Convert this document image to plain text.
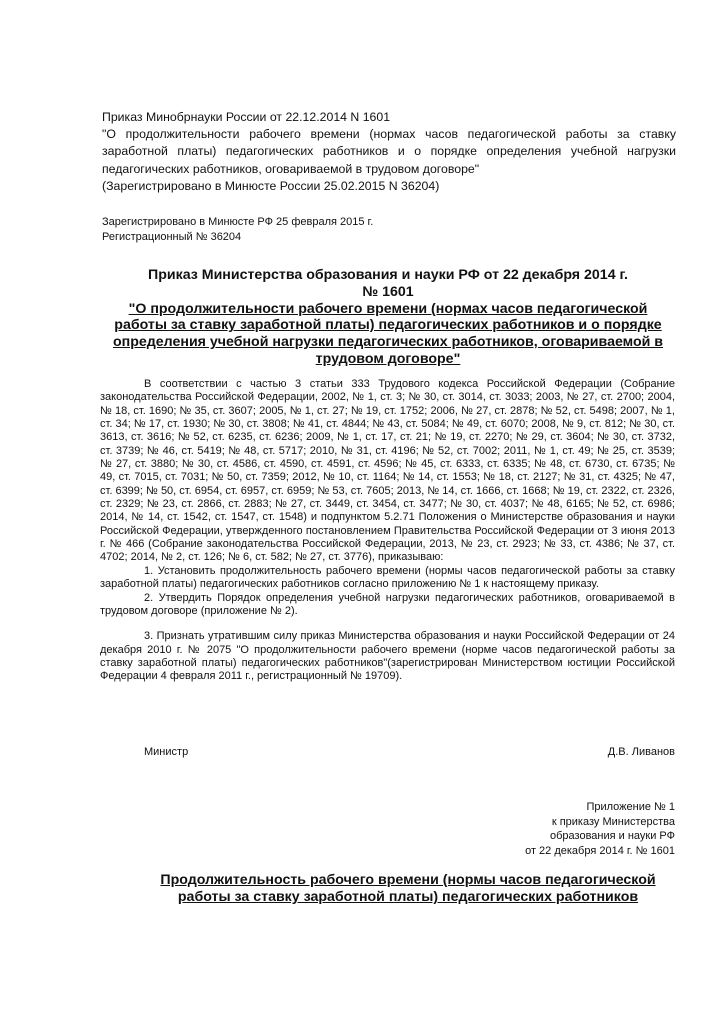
Приказ Минобрнауки России от 22.12.2014 N 1601

"О продолжительности рабочего времени (нормах часов педагогической работы за ставку заработной платы) педагогических работников и о порядке определения учебной нагрузки педагогических работников, оговариваемой в трудовом договоре"

(Зарегистрировано в Минюсте России 25.02.2015 N 36204)

Зарегистрировано в Минюсте РФ 25 февраля 2015 г.

Регистрационный № 36204

Приказ Министерства образования и науки РФ от 22 декабря 2014 г.

№ 1601

"О продолжительности рабочего времени (нормах часов педагогической работы за ставку заработной платы) педагогических работников и о порядке определения учебной нагрузки педагогических работников, оговариваемой в трудовом договоре"

В соответствии с частью 3 статьи 333 Трудового кодекса Российской Федерации (Собрание законодательства Российской Федерации, 2002, № 1, ст. 3; № 30, ст. 3014, ст. 3033; 2003, № 27, ст. 2700; 2004, № 18, ст. 1690; № 35, ст. 3607; 2005, № 1, ст. 27; № 19, ст. 1752; 2006, № 27, ст. 2878; № 52, ст. 5498; 2007, № 1, ст. 34; № 17, ст. 1930; № 30, ст. 3808; № 41, ст. 4844; № 43, ст. 5084; № 49, ст. 6070; 2008, № 9, ст. 812; № 30, ст. 3613, ст. 3616; № 52, ст. 6235, ст. 6236; 2009, № 1, ст. 17, ст. 21; № 19, ст. 2270; № 29, ст. 3604; № 30, ст. 3732, ст. 3739; № 46, ст. 5419; № 48, ст. 5717; 2010, № 31, ст. 4196; № 52, ст. 7002; 2011, № 1, ст. 49; № 25, ст. 3539; № 27, ст. 3880; № 30, ст. 4586, ст. 4590, ст. 4591, ст. 4596; № 45, ст. 6333, ст. 6335; № 48, ст. 6730, ст. 6735; № 49, ст. 7015, ст. 7031; № 50, ст. 7359; 2012, № 10, ст. 1164; № 14, ст. 1553; № 18, ст. 2127; № 31, ст. 4325; № 47, ст. 6399; № 50, ст. 6954, ст. 6957, ст. 6959; № 53, ст. 7605; 2013, № 14, ст. 1666, ст. 1668; № 19, ст. 2322, ст. 2326, ст. 2329; № 23, ст. 2866, ст. 2883; № 27, ст. 3449, ст. 3454, ст. 3477; № 30, ст. 4037; № 48, 6165; № 52, ст. 6986; 2014, № 14, ст. 1542, ст. 1547, ст. 1548) и подпунктом 5.2.71 Положения о Министерстве образования и науки Российской Федерации, утвержденного постановлением Правительства Российской Федерации от 3 июня 2013 г. № 466 (Собрание законодательства Российской Федерации, 2013, № 23, ст. 2923; № 33, ст. 4386; № 37, ст. 4702; 2014, № 2, ст. 126; № 6, ст. 582; № 27, ст. 3776), приказываю:

1. Установить продолжительность рабочего времени (нормы часов педагогической работы за ставку заработной платы) педагогических работников согласно приложению № 1 к настоящему приказу.

2. Утвердить Порядок определения учебной нагрузки педагогических работников, оговариваемой в трудовом договоре (приложение № 2).

3. Признать утратившим силу приказ Министерства образования и науки Российской Федерации от 24 декабря 2010 г. № 2075 "О продолжительности рабочего времени (норме часов педагогической работы за ставку заработной платы) педагогических работников"(зарегистрирован Министерством юстиции Российской Федерации 4 февраля 2011 г., регистрационный № 19709).

Министр	Д.В. Ливанов

Приложение № 1

к приказу Министерства

образования и науки РФ

от 22 декабря 2014 г. № 1601

Продолжительность рабочего времени (нормы часов педагогической работы за ставку заработной платы) педагогических работников
